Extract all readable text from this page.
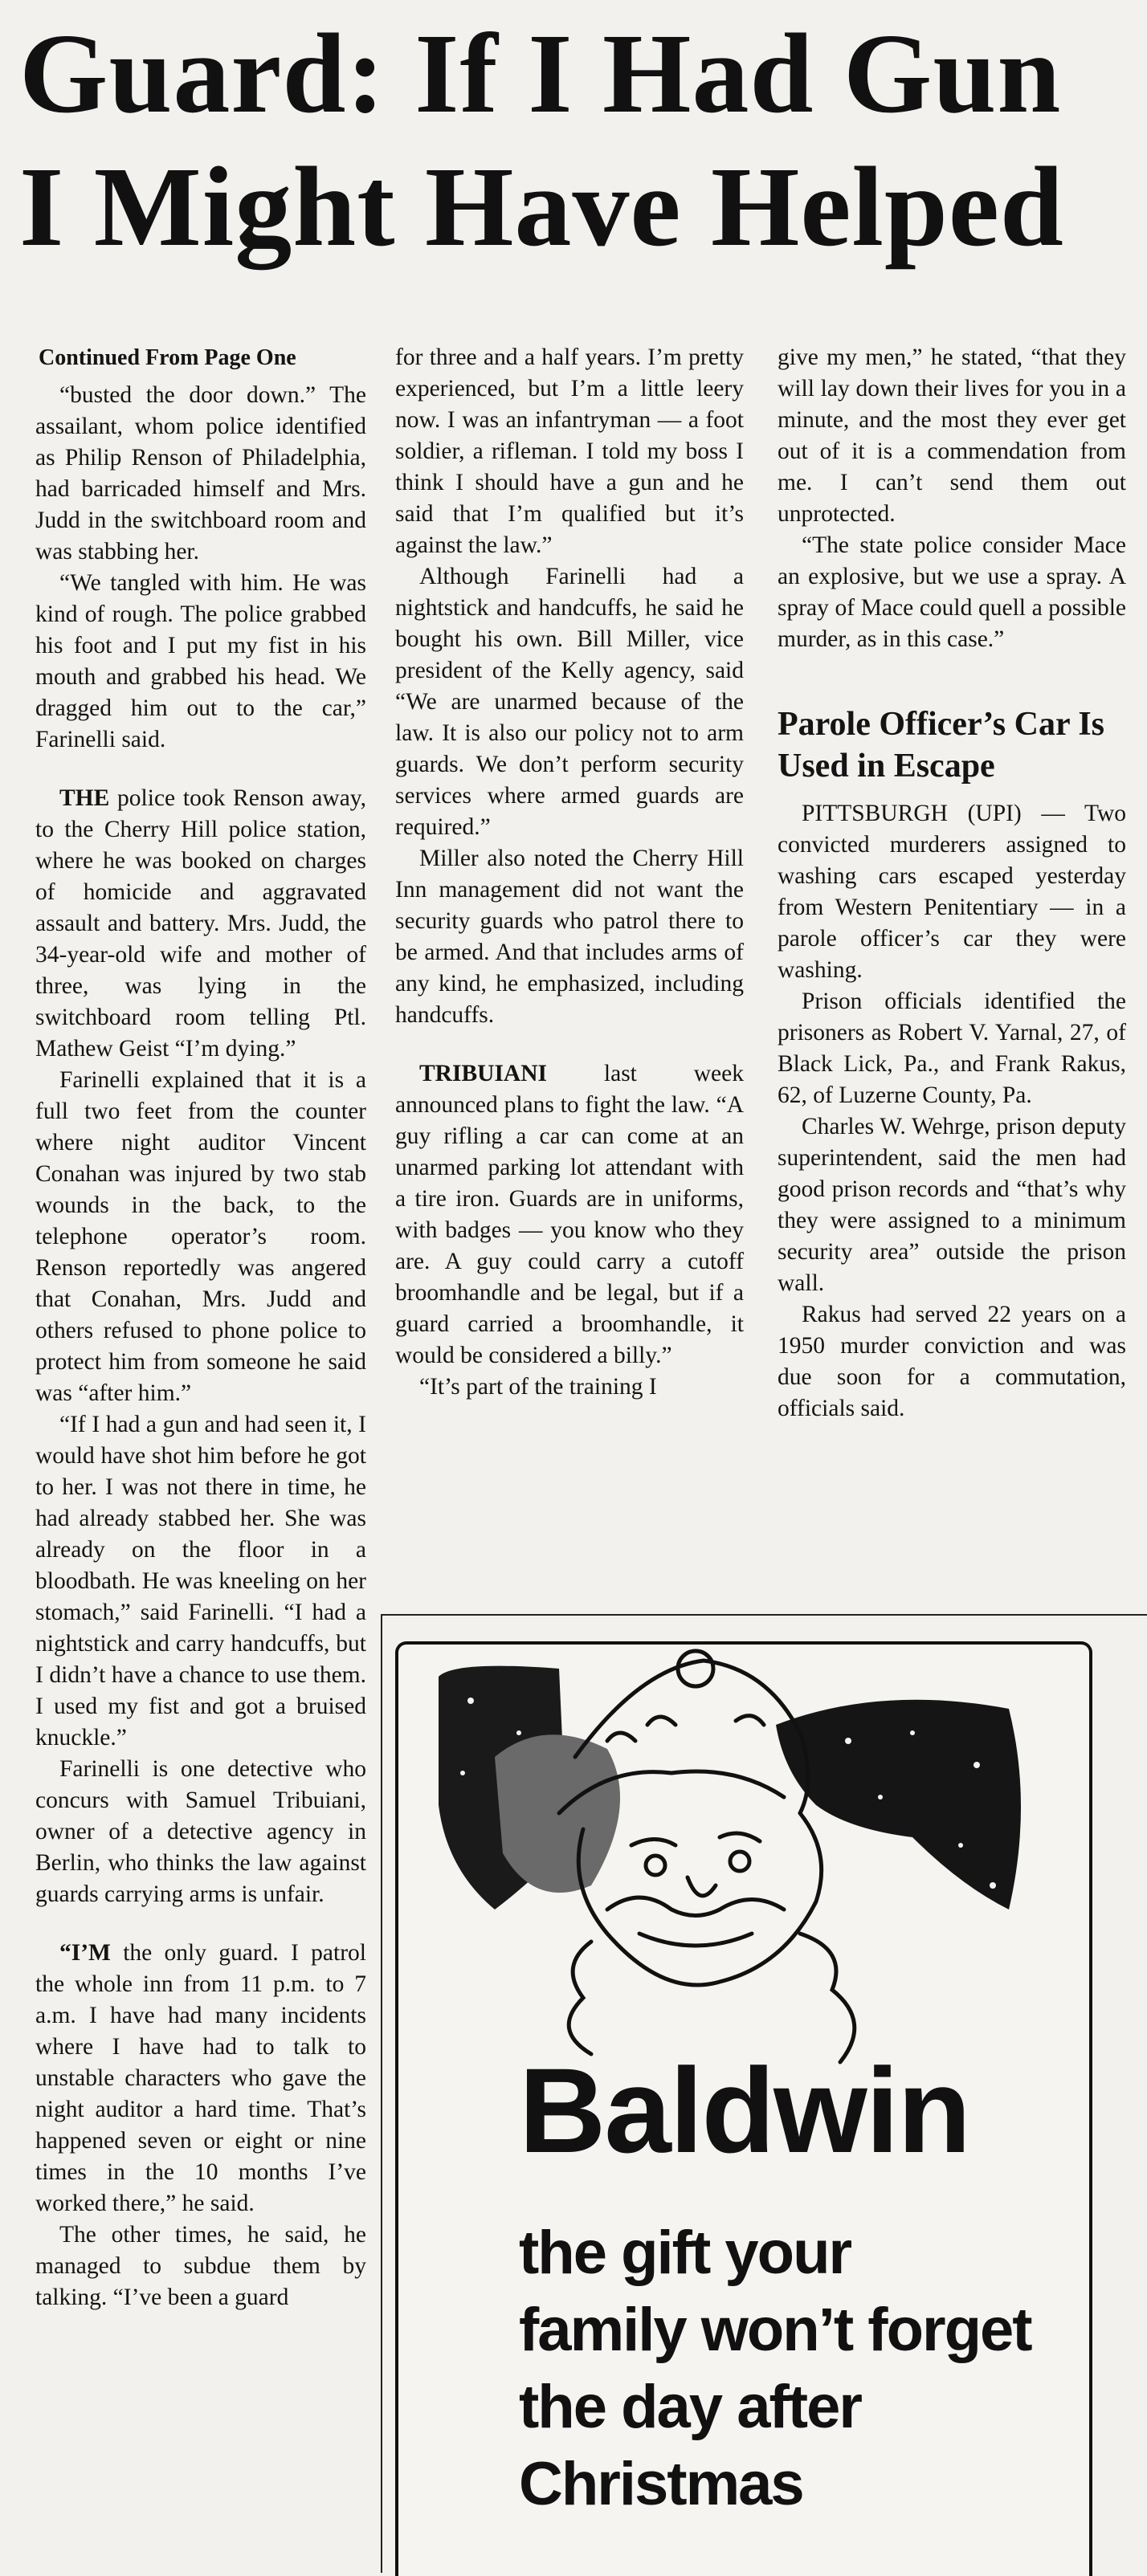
Guard: If I Had Gun
I Might Have Helped

Continued From Page One

“busted the door down.” The assailant, whom police identified as Philip Renson of Philadelphia, had barricaded himself and Mrs. Judd in the switchboard room and was stabbing her.

“We tangled with him. He was kind of rough. The police grabbed his foot and I put my fist in his mouth and grabbed his head. We dragged him out to the car,” Farinelli said.

THE police took Renson away, to the Cherry Hill police station, where he was booked on charges of homicide and aggravated assault and battery. Mrs. Judd, the 34-year-old wife and mother of three, was lying in the switchboard room telling Ptl. Mathew Geist “I’m dying.”

Farinelli explained that it is a full two feet from the counter where night auditor Vincent Conahan was injured by two stab wounds in the back, to the telephone operator’s room. Renson reportedly was angered that Conahan, Mrs. Judd and others refused to phone police to protect him from someone he said was “after him.”

“If I had a gun and had seen it, I would have shot him before he got to her. I was not there in time, he had already stabbed her. She was already on the floor in a bloodbath. He was kneeling on her stomach,” said Farinelli. “I had a nightstick and carry handcuffs, but I didn’t have a chance to use them. I used my fist and got a bruised knuckle.”

Farinelli is one detective who concurs with Samuel Tribuiani, owner of a detective agency in Berlin, who thinks the law against guards carrying arms is unfair.

“I’M the only guard. I patrol the whole inn from 11 p.m. to 7 a.m. I have had many incidents where I have had to talk to unstable characters who gave the night auditor a hard time. That’s happened seven or eight or nine times in the 10 months I’ve worked there,” he said.

The other times, he said, he managed to subdue them by talking. “I’ve been a guard

for three and a half years. I’m pretty experienced, but I’m a little leery now. I was an infantryman — a foot soldier, a rifleman. I told my boss I think I should have a gun and he said that I’m qualified but it’s against the law.”

Although Farinelli had a nightstick and handcuffs, he said he bought his own. Bill Miller, vice president of the Kelly agency, said “We are unarmed because of the law. It is also our policy not to arm guards. We don’t perform security services where armed guards are required.”

Miller also noted the Cherry Hill Inn management did not want the security guards who patrol there to be armed. And that includes arms of any kind, he emphasized, including handcuffs.

TRIBUIANI last week announced plans to fight the law. “A guy rifling a car can come at an unarmed parking lot attendant with a tire iron. Guards are in uniforms, with badges — you know who they are. A guy could carry a cutoff broomhandle and be legal, but if a guard carried a broomhandle, it would be considered a billy.”

“It’s part of the training I

give my men,” he stated, “that they will lay down their lives for you in a minute, and the most they ever get out of it is a commendation from me. I can’t send them out unprotected.

“The state police consider Mace an explosive, but we use a spray. A spray of Mace could quell a possible murder, as in this case.”

Parole Officer’s Car Is Used in Escape

PITTSBURGH (UPI) — Two convicted murderers assigned to washing cars escaped yesterday from Western Penitentiary — in a parole officer’s car they were washing.

Prison officials identified the prisoners as Robert V. Yarnal, 27, of Black Lick, Pa., and Frank Rakus, 62, of Luzerne County, Pa.

Charles W. Wehrge, prison deputy superintendent, said the men had good prison records and “that’s why they were assigned to a minimum security area” outside the prison wall.

Rakus had served 22 years on a 1950 murder conviction and was due soon for a commutation, officials said.

Baldwin
the gift your
family won’t forget
the day after
Christmas
